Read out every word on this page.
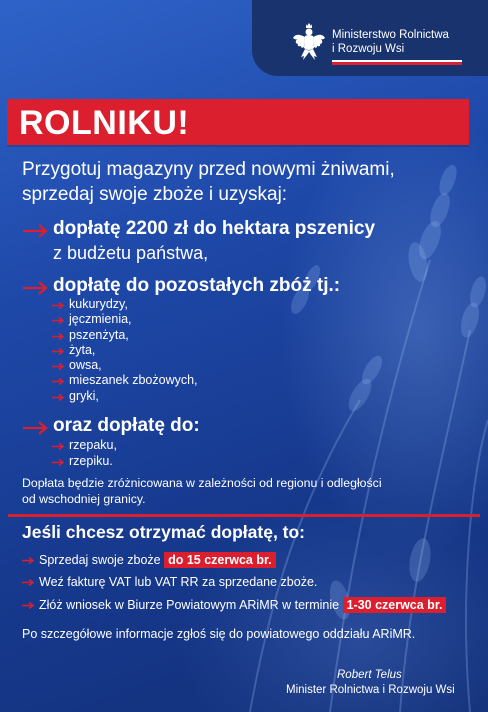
Ministerstwo Rolnictwa
i Rozwoju Wsi
ROLNIKU!
Przygotuj magazyny przed nowymi żniwami,
sprzedaj swoje zboże i uzyskaj:
dopłatę 2200 zł do hektara pszenicy
z budżetu państwa,
dopłatę do pozostałych zbóż tj.:
kukurydzy,
jęczmienia,
pszenżyta,
żyta,
owsa,
mieszanek zbożowych,
gryki,
oraz dopłatę do:
rzepaku,
rzepiku.
Dopłata będzie zróżnicowana w zależności od regionu i odległości
od wschodniej granicy.
Jeśli chcesz otrzymać dopłatę, to:
Sprzedaj swoje zboże do 15 czerwca br.
Weź fakturę VAT lub VAT RR za sprzedane zboże.
Złóż wniosek w Biurze Powiatowym ARiMR w terminie 1-30 czerwca br.
Po szczegółowe informacje zgłoś się do powiatowego oddziału ARiMR.
Robert Telus
Minister Rolnictwa i Rozwoju Wsi
